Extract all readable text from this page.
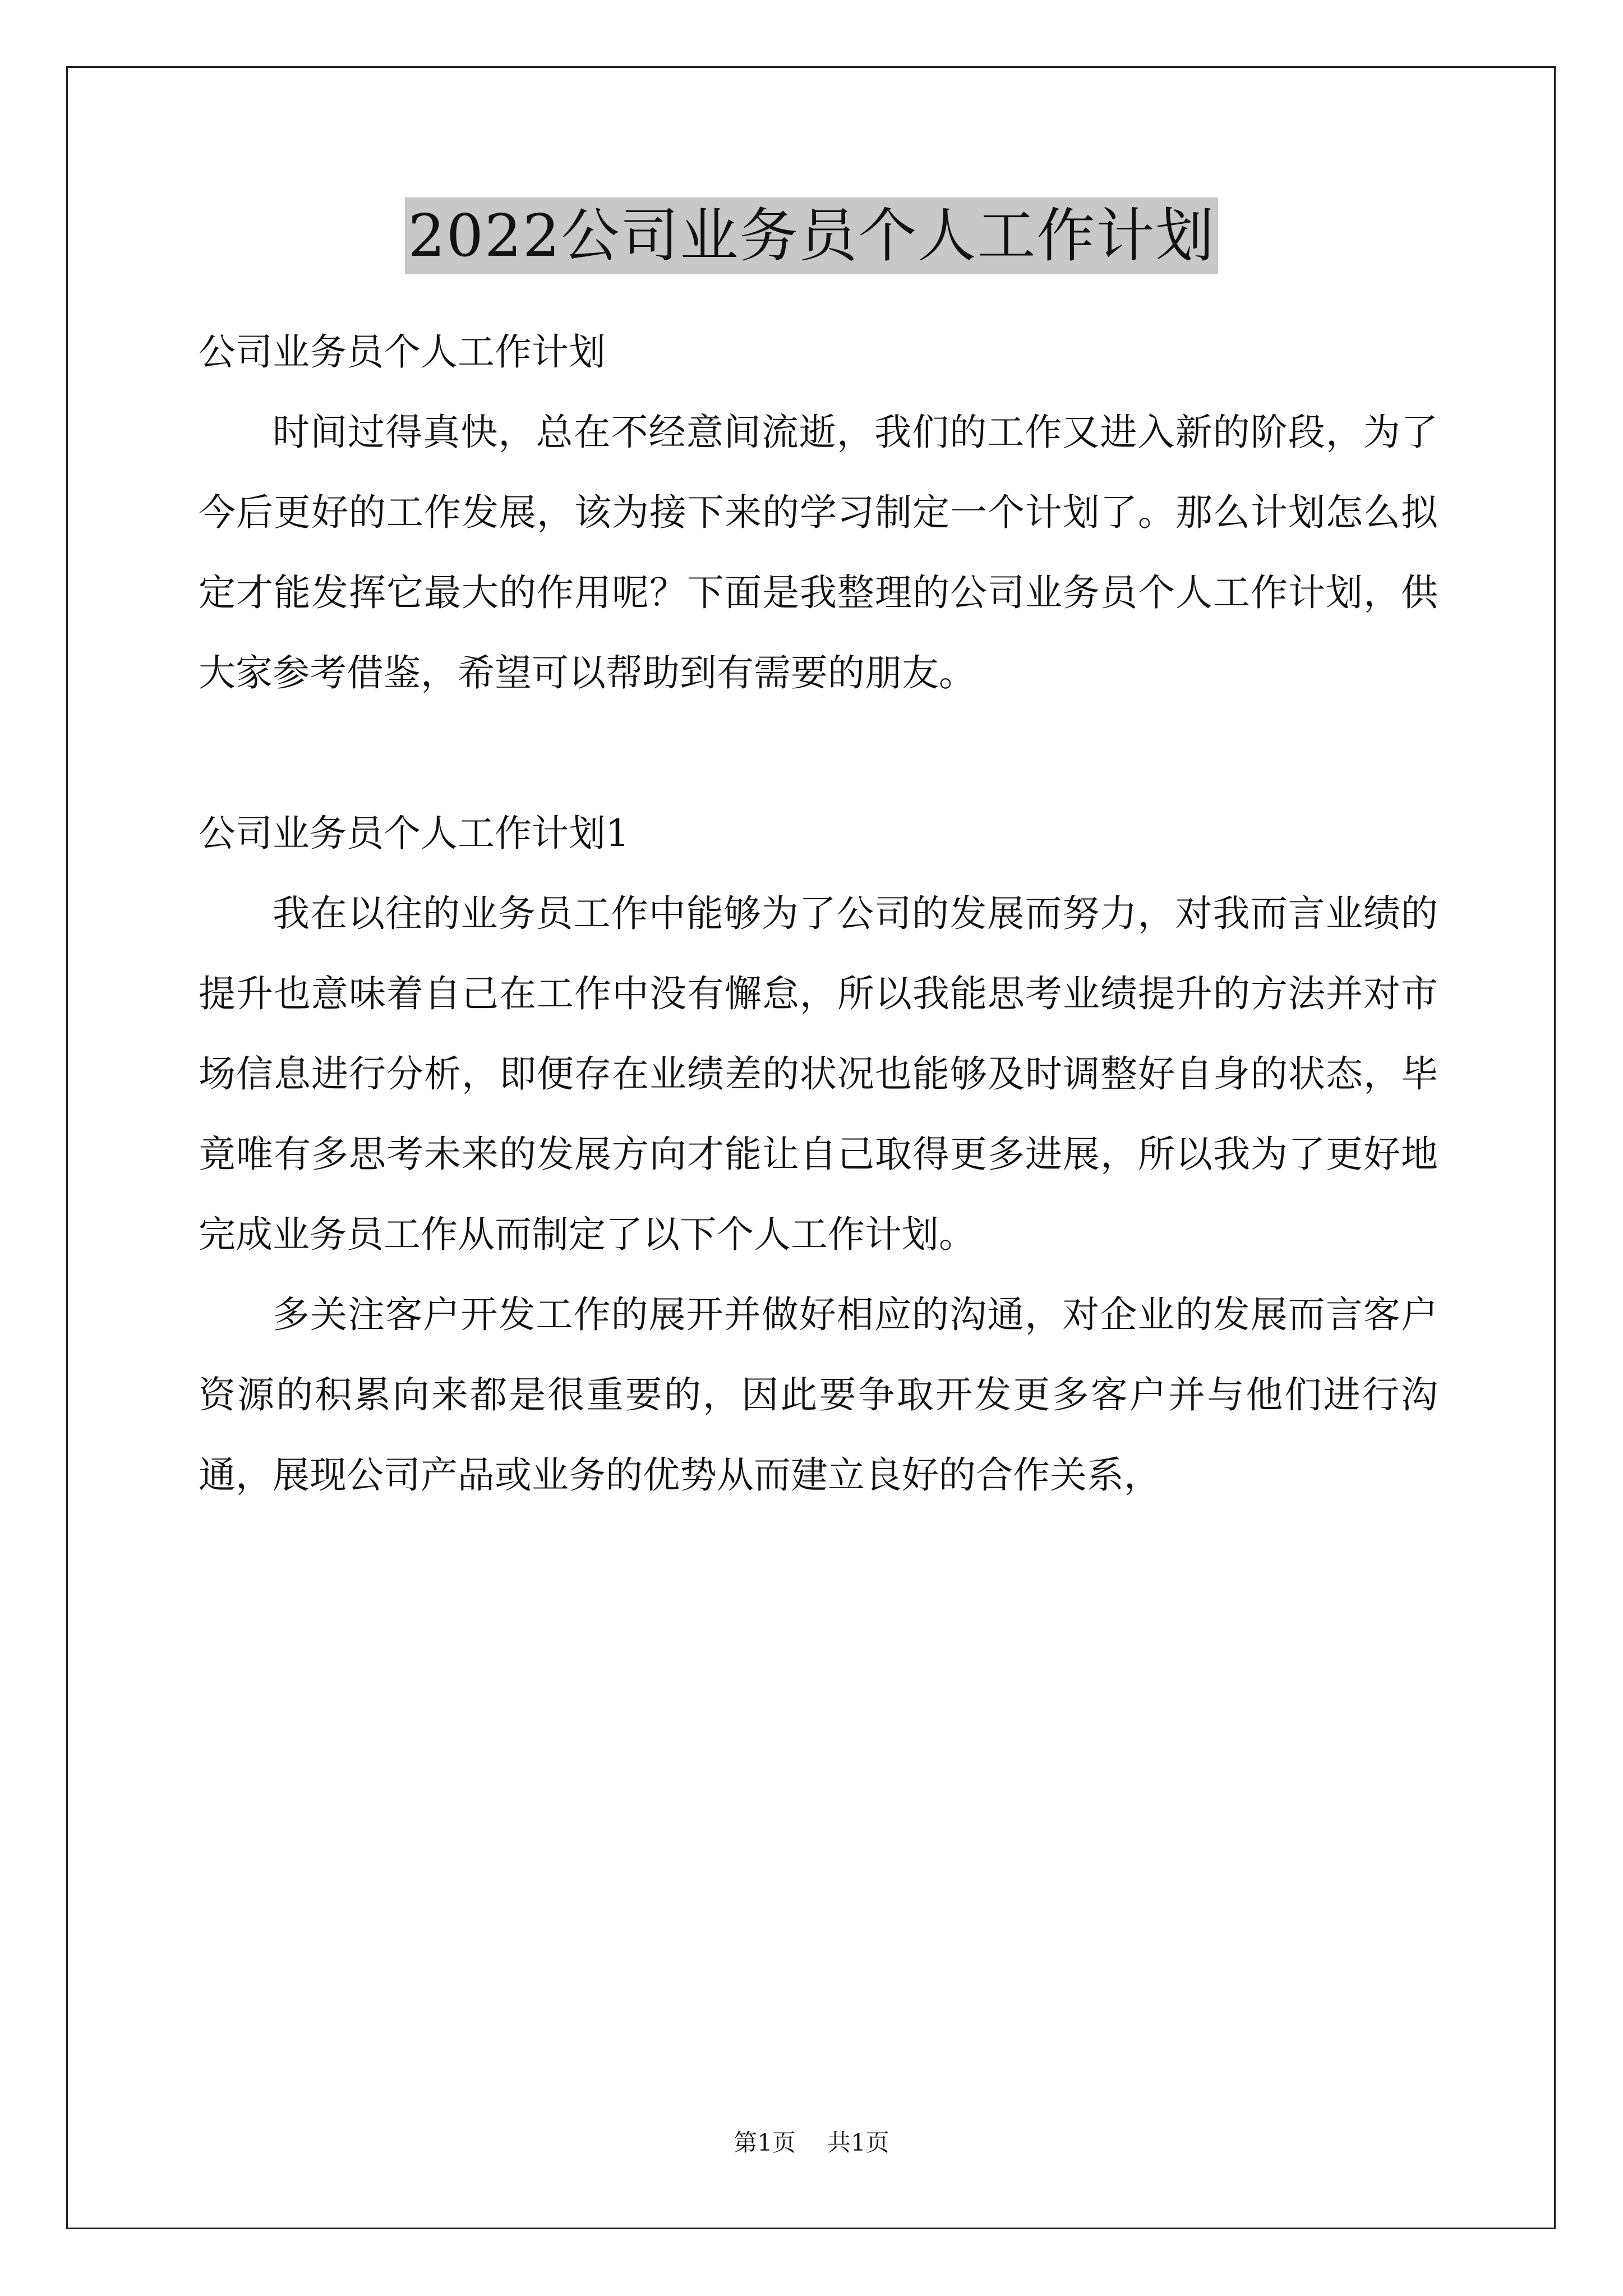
2022公司业务员个人工作计划

公司业务员个人工作计划

时间过得真快，总在不经意间流逝，我们的工作又进入新的阶段，为了今后更好的工作发展，该为接下来的学习制定一个计划了。那么计划怎么拟定才能发挥它最大的作用呢？下面是我整理的公司业务员个人工作计划，供大家参考借鉴，希望可以帮助到有需要的朋友。

公司业务员个人工作计划1

我在以往的业务员工作中能够为了公司的发展而努力，对我而言业绩的提升也意味着自己在工作中没有懈怠，所以我能思考业绩提升的方法并对市场信息进行分析，即便存在业绩差的状况也能够及时调整好自身的状态，毕竟唯有多思考未来的发展方向才能让自己取得更多进展，所以我为了更好地完成业务员工作从而制定了以下个人工作计划。

多关注客户开发工作的展开并做好相应的沟通，对企业的发展而言客户资源的积累向来都是很重要的，因此要争取开发更多客户并与他们进行沟通，展现公司产品或业务的优势从而建立良好的合作关系，

第1页 共1页
